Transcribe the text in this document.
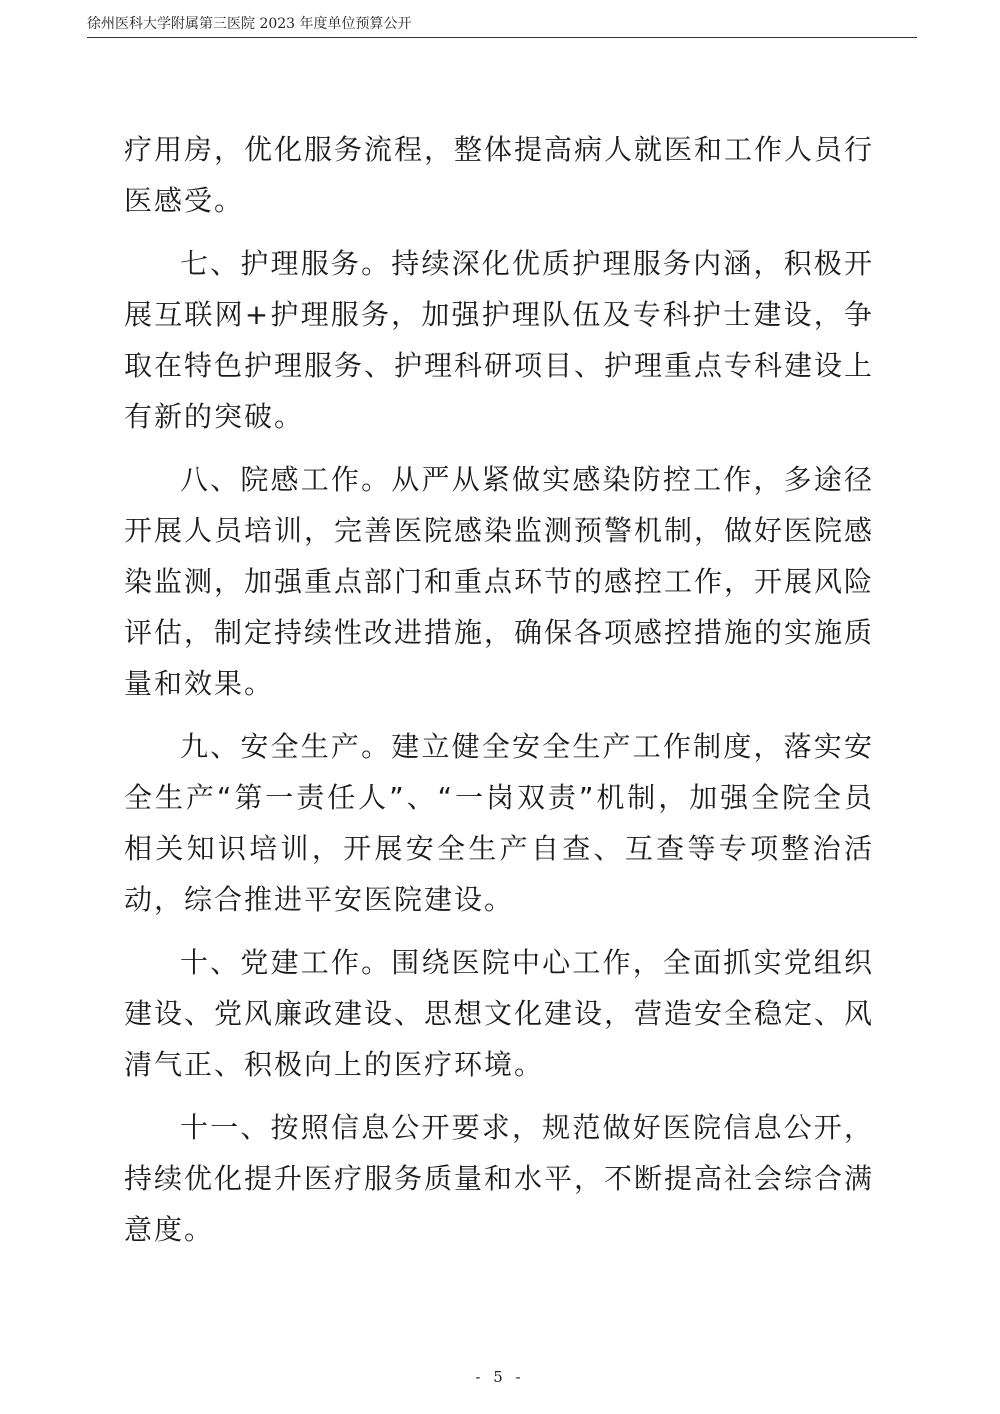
徐州医科大学附属第三医院 2023 年度单位预算公开

疗用房，优化服务流程，整体提高病人就医和工作人员行医感受。

七、护理服务。持续深化优质护理服务内涵，积极开展互联网+护理服务，加强护理队伍及专科护士建设，争取在特色护理服务、护理科研项目、护理重点专科建设上有新的突破。

八、院感工作。从严从紧做实感染防控工作，多途径开展人员培训，完善医院感染监测预警机制，做好医院感染监测，加强重点部门和重点环节的感控工作，开展风险评估，制定持续性改进措施，确保各项感控措施的实施质量和效果。

九、安全生产。建立健全安全生产工作制度，落实安全生产“第一责任人”、“一岗双责”机制，加强全院全员相关知识培训，开展安全生产自查、互查等专项整治活动，综合推进平安医院建设。

十、党建工作。围绕医院中心工作，全面抓实党组织建设、党风廉政建设、思想文化建设，营造安全稳定、风清气正、积极向上的医疗环境。

十一、按照信息公开要求，规范做好医院信息公开，持续优化提升医疗服务质量和水平，不断提高社会综合满意度。

- 5 -
